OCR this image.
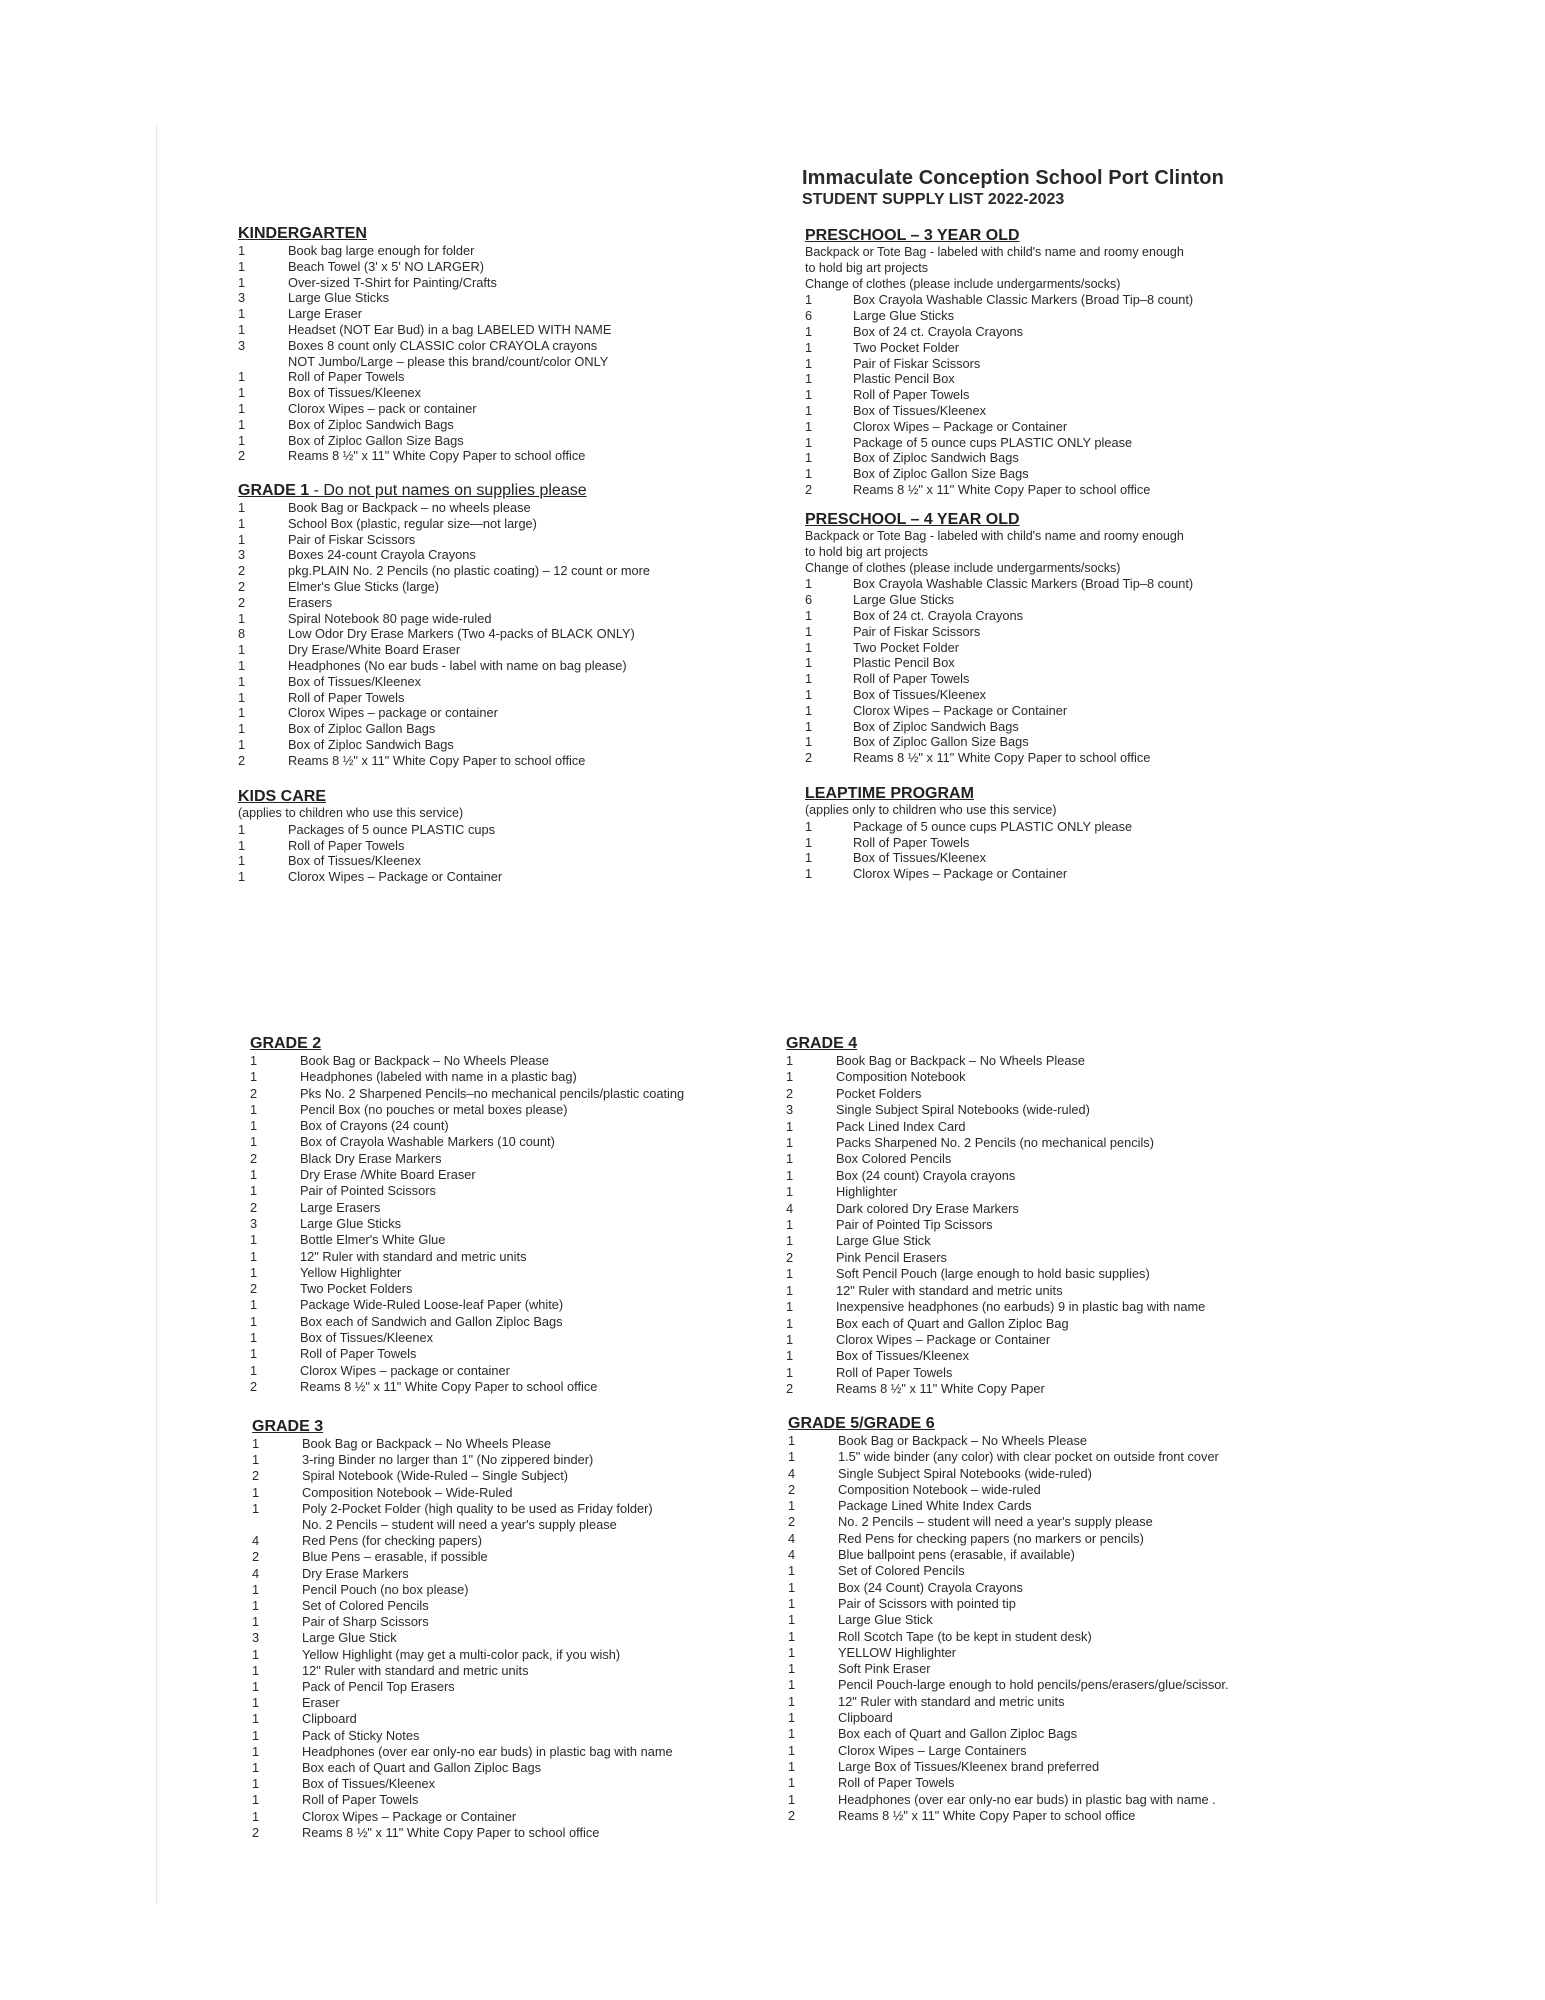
Immaculate Conception School Port Clinton
STUDENT SUPPLY LIST 2022-2023
KINDERGARTEN
1	Book bag large enough for folder
1	Beach Towel (3' x 5' NO LARGER)
1	Over-sized T-Shirt for Painting/Crafts
3	Large Glue Sticks
1	Large Eraser
1	Headset (NOT Ear Bud) in a bag LABELED WITH NAME
3	Boxes 8 count only CLASSIC color CRAYOLA crayons
NOT Jumbo/Large – please this brand/count/color ONLY
1	Roll of Paper Towels
1	Box of Tissues/Kleenex
1	Clorox Wipes – pack or container
1	Box of Ziploc Sandwich Bags
1	Box of Ziploc Gallon Size Bags
2	Reams 8 ½" x 11" White Copy Paper to school office
GRADE 1 - Do not put names on supplies please
1	Book Bag or Backpack – no wheels please
1	School Box (plastic, regular size—not large)
1	Pair of Fiskar Scissors
3	Boxes 24-count Crayola Crayons
2	pkg.PLAIN No. 2 Pencils (no plastic coating) – 12 count or more
2	Elmer's Glue Sticks (large)
2	Erasers
1	Spiral Notebook 80 page wide-ruled
8	Low Odor Dry Erase Markers (Two 4-packs of BLACK ONLY)
1	Dry Erase/White Board Eraser
1	Headphones (No ear buds - label with name on bag please)
1	Box of Tissues/Kleenex
1	Roll of Paper Towels
1	Clorox Wipes – package or container
1	Box of Ziploc Gallon Bags
1	Box of Ziploc Sandwich Bags
2	Reams 8 ½" x 11" White Copy Paper to school office
KIDS CARE
(applies to children who use this service)
1	Packages of 5 ounce PLASTIC cups
1	Roll of Paper Towels
1	Box of Tissues/Kleenex
1	Clorox Wipes – Package or Container
PRESCHOOL – 3 YEAR OLD
Backpack or Tote Bag - labeled with child's name and roomy enough
to hold big art projects
Change of clothes (please include undergarments/socks)
1	Box Crayola Washable Classic Markers (Broad Tip–8 count)
6	Large Glue Sticks
1	Box of 24 ct. Crayola Crayons
1	Two Pocket Folder
1	Pair of Fiskar Scissors
1	Plastic Pencil Box
1	Roll of Paper Towels
1	Box of Tissues/Kleenex
1	Clorox Wipes – Package or Container
1	Package of 5 ounce cups PLASTIC ONLY please
1	Box of Ziploc Sandwich Bags
1	Box of Ziploc Gallon Size Bags
2	Reams 8 ½" x 11" White Copy Paper to school office
PRESCHOOL – 4 YEAR OLD
Backpack or Tote Bag - labeled with child's name and roomy enough
to hold big art projects
Change of clothes (please include undergarments/socks)
1	Box Crayola Washable Classic Markers (Broad Tip–8 count)
6	Large Glue Sticks
1	Box of 24 ct. Crayola Crayons
1	Pair of Fiskar Scissors
1	Two Pocket Folder
1	Plastic Pencil Box
1	Roll of Paper Towels
1	Box of Tissues/Kleenex
1	Clorox Wipes – Package or Container
1	Box of Ziploc Sandwich Bags
1	Box of Ziploc Gallon Size Bags
2	Reams 8 ½" x 11" White Copy Paper to school office
LEAPTIME PROGRAM
(applies only to children who use this service)
1	Package of 5 ounce cups PLASTIC ONLY please
1	Roll of Paper Towels
1	Box of Tissues/Kleenex
1	Clorox Wipes – Package or Container
GRADE 2
1	Book Bag or Backpack – No Wheels Please
1	Headphones (labeled with name in a plastic bag)
2	Pks No. 2 Sharpened Pencils–no mechanical pencils/plastic coating
1	Pencil Box (no pouches or metal boxes please)
1	Box of Crayons (24 count)
1	Box of Crayola Washable Markers (10 count)
2	Black Dry Erase Markers
1	Dry Erase /White Board Eraser
1	Pair of Pointed Scissors
2	Large Erasers
3	Large Glue Sticks
1	Bottle Elmer's White Glue
1	12" Ruler with standard and metric units
1	Yellow Highlighter
2	Two Pocket Folders
1	Package Wide-Ruled Loose-leaf Paper (white)
1	Box each of Sandwich and Gallon Ziploc Bags
1	Box of Tissues/Kleenex
1	Roll of Paper Towels
1	Clorox Wipes – package or container
2	Reams 8 ½" x 11" White Copy Paper to school office
GRADE 3
1	Book Bag or Backpack – No Wheels Please
1	3-ring Binder no larger than 1" (No zippered binder)
2	Spiral Notebook (Wide-Ruled – Single Subject)
1	Composition Notebook – Wide-Ruled
1	Poly 2-Pocket Folder (high quality to be used as Friday folder)
No. 2 Pencils – student will need a year's supply please
4	Red Pens (for checking papers)
2	Blue Pens – erasable, if possible
4	Dry Erase Markers
1	Pencil Pouch (no box please)
1	Set of Colored Pencils
1	Pair of Sharp Scissors
3	Large Glue Stick
1	Yellow Highlight (may get a multi-color pack, if you wish)
1	12" Ruler with standard and metric units
1	Pack of Pencil Top Erasers
1	Eraser
1	Clipboard
1	Pack of Sticky Notes
1	Headphones (over ear only-no ear buds) in plastic bag with name
1	Box each of Quart and Gallon Ziploc Bags
1	Box of Tissues/Kleenex
1	Roll of Paper Towels
1	Clorox Wipes – Package or Container
2	Reams 8 ½" x 11" White Copy Paper to school office
GRADE 4
1	Book Bag or Backpack – No Wheels Please
1	Composition Notebook
2	Pocket Folders
3	Single Subject Spiral Notebooks (wide-ruled)
1	Pack Lined Index Card
1	Packs Sharpened No. 2 Pencils (no mechanical pencils)
1	Box Colored Pencils
1	Box (24 count) Crayola crayons
1	Highlighter
4	Dark colored Dry Erase Markers
1	Pair of Pointed Tip Scissors
1	Large Glue Stick
2	Pink Pencil Erasers
1	Soft Pencil Pouch (large enough to hold basic supplies)
1	12" Ruler with standard and metric units
1	Inexpensive headphones (no earbuds) 9 in plastic bag with name
1	Box each of Quart and Gallon Ziploc Bag
1	Clorox Wipes – Package or Container
1	Box of Tissues/Kleenex
1	Roll of Paper Towels
2	Reams 8 ½" x 11" White Copy Paper
GRADE 5/GRADE 6
1	Book Bag or Backpack – No Wheels Please
1	1.5" wide binder (any color) with clear pocket on outside front cover
4	Single Subject Spiral Notebooks (wide-ruled)
2	Composition Notebook – wide-ruled
1	Package Lined White Index Cards
2	No. 2 Pencils – student will need a year's supply please
4	Red Pens for checking papers (no markers or pencils)
4	Blue ballpoint pens (erasable, if available)
1	Set of Colored Pencils
1	Box (24 Count) Crayola Crayons
1	Pair of Scissors with pointed tip
1	Large Glue Stick
1	Roll Scotch Tape (to be kept in student desk)
1	YELLOW Highlighter
1	Soft Pink Eraser
1	Pencil Pouch-large enough to hold pencils/pens/erasers/glue/scissor.
1	12" Ruler with standard and metric units
1	Clipboard
1	Box each of Quart and Gallon Ziploc Bags
1	Clorox Wipes – Large Containers
1	Large Box of Tissues/Kleenex brand preferred
1	Roll of Paper Towels
1	Headphones (over ear only-no ear buds) in plastic bag with name .
2	Reams 8 ½" x 11" White Copy Paper to school office
